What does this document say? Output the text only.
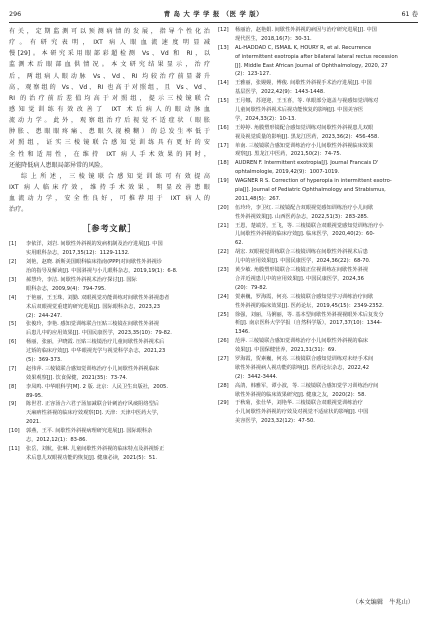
296	青 岛 大 学 学 报 （医 学 版）	61 卷
有关，定期监测可以预测病情的发展，指导个性化治
疗。有研究表明，IXT 病人眼血流速度明显减
慢[29]。本研究采用眼部彩超检测 Vs、Vd 和 RI，以
监测术后眼部血供情况。本文研究结果显示，治疗
后，两组病人眼动脉 Vs、Vd、RI 均较治疗前显著升
高，观察组的 Vs、Vd、RI 也高于对照组，且 Vs、Vd、
RI 的治疗前后差值均高于对照组，提示三棱镜联合
感知觉训练有效改善了 IXT 术后病人的眼动脉血
流动力学。此外，观察组治疗后视觉不适症状（眼胀
肿胀、患眼眼疼痛、患眼久视模糊）的总发生率低于
对照组，证实三棱镜联合感知觉训练具有更好的安
全性和适用性，在维持 IXT 病人手术效果的同时，
还能降低病人患眼局部异常的风险。
综上所述，三棱镜联合感知觉训练可有效提高
IXT 病人临床疗效，维持手术效果，明显改善患眼
血流动力学，安全性良好，可推荐用于 IXT 病人的
治疗。
［参考文献］
[1]	李依洋，刘岩. 间歇性外斜视的发病机制及治疗进展[J]. 中国
实用眼科杂志，2017,35(12)：1129-1132.
[2]	刘艳，赵晓. 新斯美国眼科临床指南(PPP)对间歇性外斜视诊
治的指导及解读[J]. 中国斜视与小儿眼科杂志，2019,19(1)：6-8.
[3]	郝慧玲，李洁. 间歇性外斜视术治疗探讨[J]. 国际
眼科杂志，2009,9(4)：794-795.
[4]	于艳丽，王玉珠，刘勤. 双眼视觉功能训练对间歇性外斜视患者
术后双眼视觉重建的研究进展[J]. 国际眼科杂志，2023,23
(2)：244-247.
[5]	张俊玲，李艳. 感知觉训练联合压贴三棱镜在间歇性外斜视
后患儿中的应用效果[J]. 中国民康医学，2023,35(10)：79-82.
[6]	杨丽，张丽，尹晓霞. 压贴三棱镜治疗儿童间歇性外斜视术后
过矫的临床疗效[J]. 中华眼视光学与视觉科学杂志，2021,23
(5)：369-373.
[7]	赵伟萍. 三棱镜联合感知觉训练治疗小儿间歇性外斜视临床
效果观察[J]. 饮食保健，2021(35)：73-74.
[8]	李凤鸣. 中华眼科学[M]. 2 版. 北京：人民卫生出版社，2005.
89-95.
[9]	陈世君. 正容汤合六君子汤加减联合针刺治疗风痰阻络型后
天麻痹性斜视的临床疗效观察[D]. 天津：天津中医药大学，
2021.
[10]	郭燕，王平. 间歇性外斜视病理研究进展[J]. 国际眼科杂
志，2012,12(1)：83-86.
[11]	张岳，刘航，张琳. 儿童间歇性外斜视的临床特点及斜视矫正
术后患儿双眼视功能的恢复[J]. 健康必读，2021(5)：51.
[12]	杨丽治，赵艳娟. 间歇性外斜视的病因与治疗研究进展[J]. 中国
现代医生，2018,16(7)：30-31.
[13]	AL-HADDAD C, ISMAIL K, HOURY R, et al. Recurrence
of intermittent exotropia after bilateral lateral rectus recession
[J]. Middle East African Journal of Ophthalmology, 2020, 27
(2)：123-127.
[14]	王雅丽，张嫚嫚，傅俊. 间歇性外斜视手术治疗进展[J]. 中国
基层医学，2022,42(9)：1443-1448.
[15]	王月娜，苏迎迎，王玉喜，等. 单眼部分遮盖与视感知觉训练对
儿童间歇性外斜视术后视功能恢复的影响[J]. 中国美容医
学，2024,33(2)：10-13.
[16]	王婷婷. 角膜塑形镜配合感知觉训练对间歇性外斜视患儿双眼
视及视觉质量的影响[J]. 黑龙江医药，2023,36(2)：456-458.
[17]	单南. 三棱镜联合感知觉训练治疗小儿间歇性外斜视临床效果
观察[J]. 黑龙江中医药，2021,50(2)：74-75.
[18]	AUDREN F. Intermittent exotropia[J]. Journal Francais D'
ophtalmologie, 2019,42(9)：1007-1019.
[19]	WAGNER R S. Correction of hyperopia in intermittent exotro-
pia[J]. Journal of Pediatric Ophthalmology and Strabismus,
2011,48(5)：267.
[20]	伍玲玲，李卫红. 三棱镜配合双眼视觉感知训练治疗小儿间歇
性外斜视效果[J]. 山西医药杂志，2022,51(3)：283-285.
[21]	王恩，楚端芳，王飞，等. 三棱镜联合双眼视觉感知觉训练治疗小
儿间歇性外斜视的临床疗效[J]. 临床医学，2020,40(2)：60-
62.
[22]	胡宏. 双眼视觉训练联合三棱镜训练在间歇性外斜视术后患
儿中的应用效果[J]. 中国民康医学，2024,36(22)：68-70.
[23]	黄少敏. 角膜塑形镜联合三棱镜正位视训练在间歇性外斜视
合并近视患儿中的应用效果[J]. 中国民康医学，2024,36
(20)：79-82.
[24]	贺素巍，罗海霞，何亮. 三棱镜联合感知觉学习训练治疗间歇
性外斜视的临床效果[J]. 医药论坛，2019,45(15)：2349-2352.
[25]	徐强，刘丽，马俐丽，等. 基本型间歇性外斜视视眼外术后复发分
析[J]. 南京医科大学学报（自然科学版），2017,37(10)：1344-
1346.
[26]	范萍. 三棱镜联合感知觉训练治疗小儿间歇性外斜视的临床
效果[J]. 中国保健营养，2021,31(31)：69.
[27]	罗海霞，贺素巍，何亮. 三棱镜联合感知觉训练对未经手术间
歇性外斜视病人视功能的影响[J]. 医药论坛杂志，2022,42
(2)：3442-3444.
[28]	高鸽，韩雅军，谭小波，等. 三棱镜联合感知觉学习训练治疗间
歇性外斜视的临床效果研究[J]. 健康之友，2020(2)：58.
[29]	于秋菊，张仕华，刘艳华. 三棱镜联合双眼视觉训练治疗
小儿间歇性外斜视的疗效及对视觉不适症状的影响[J]. 中国
美容医学，2023,32(12)：47-50.
（本文编辑　牛兆山）
